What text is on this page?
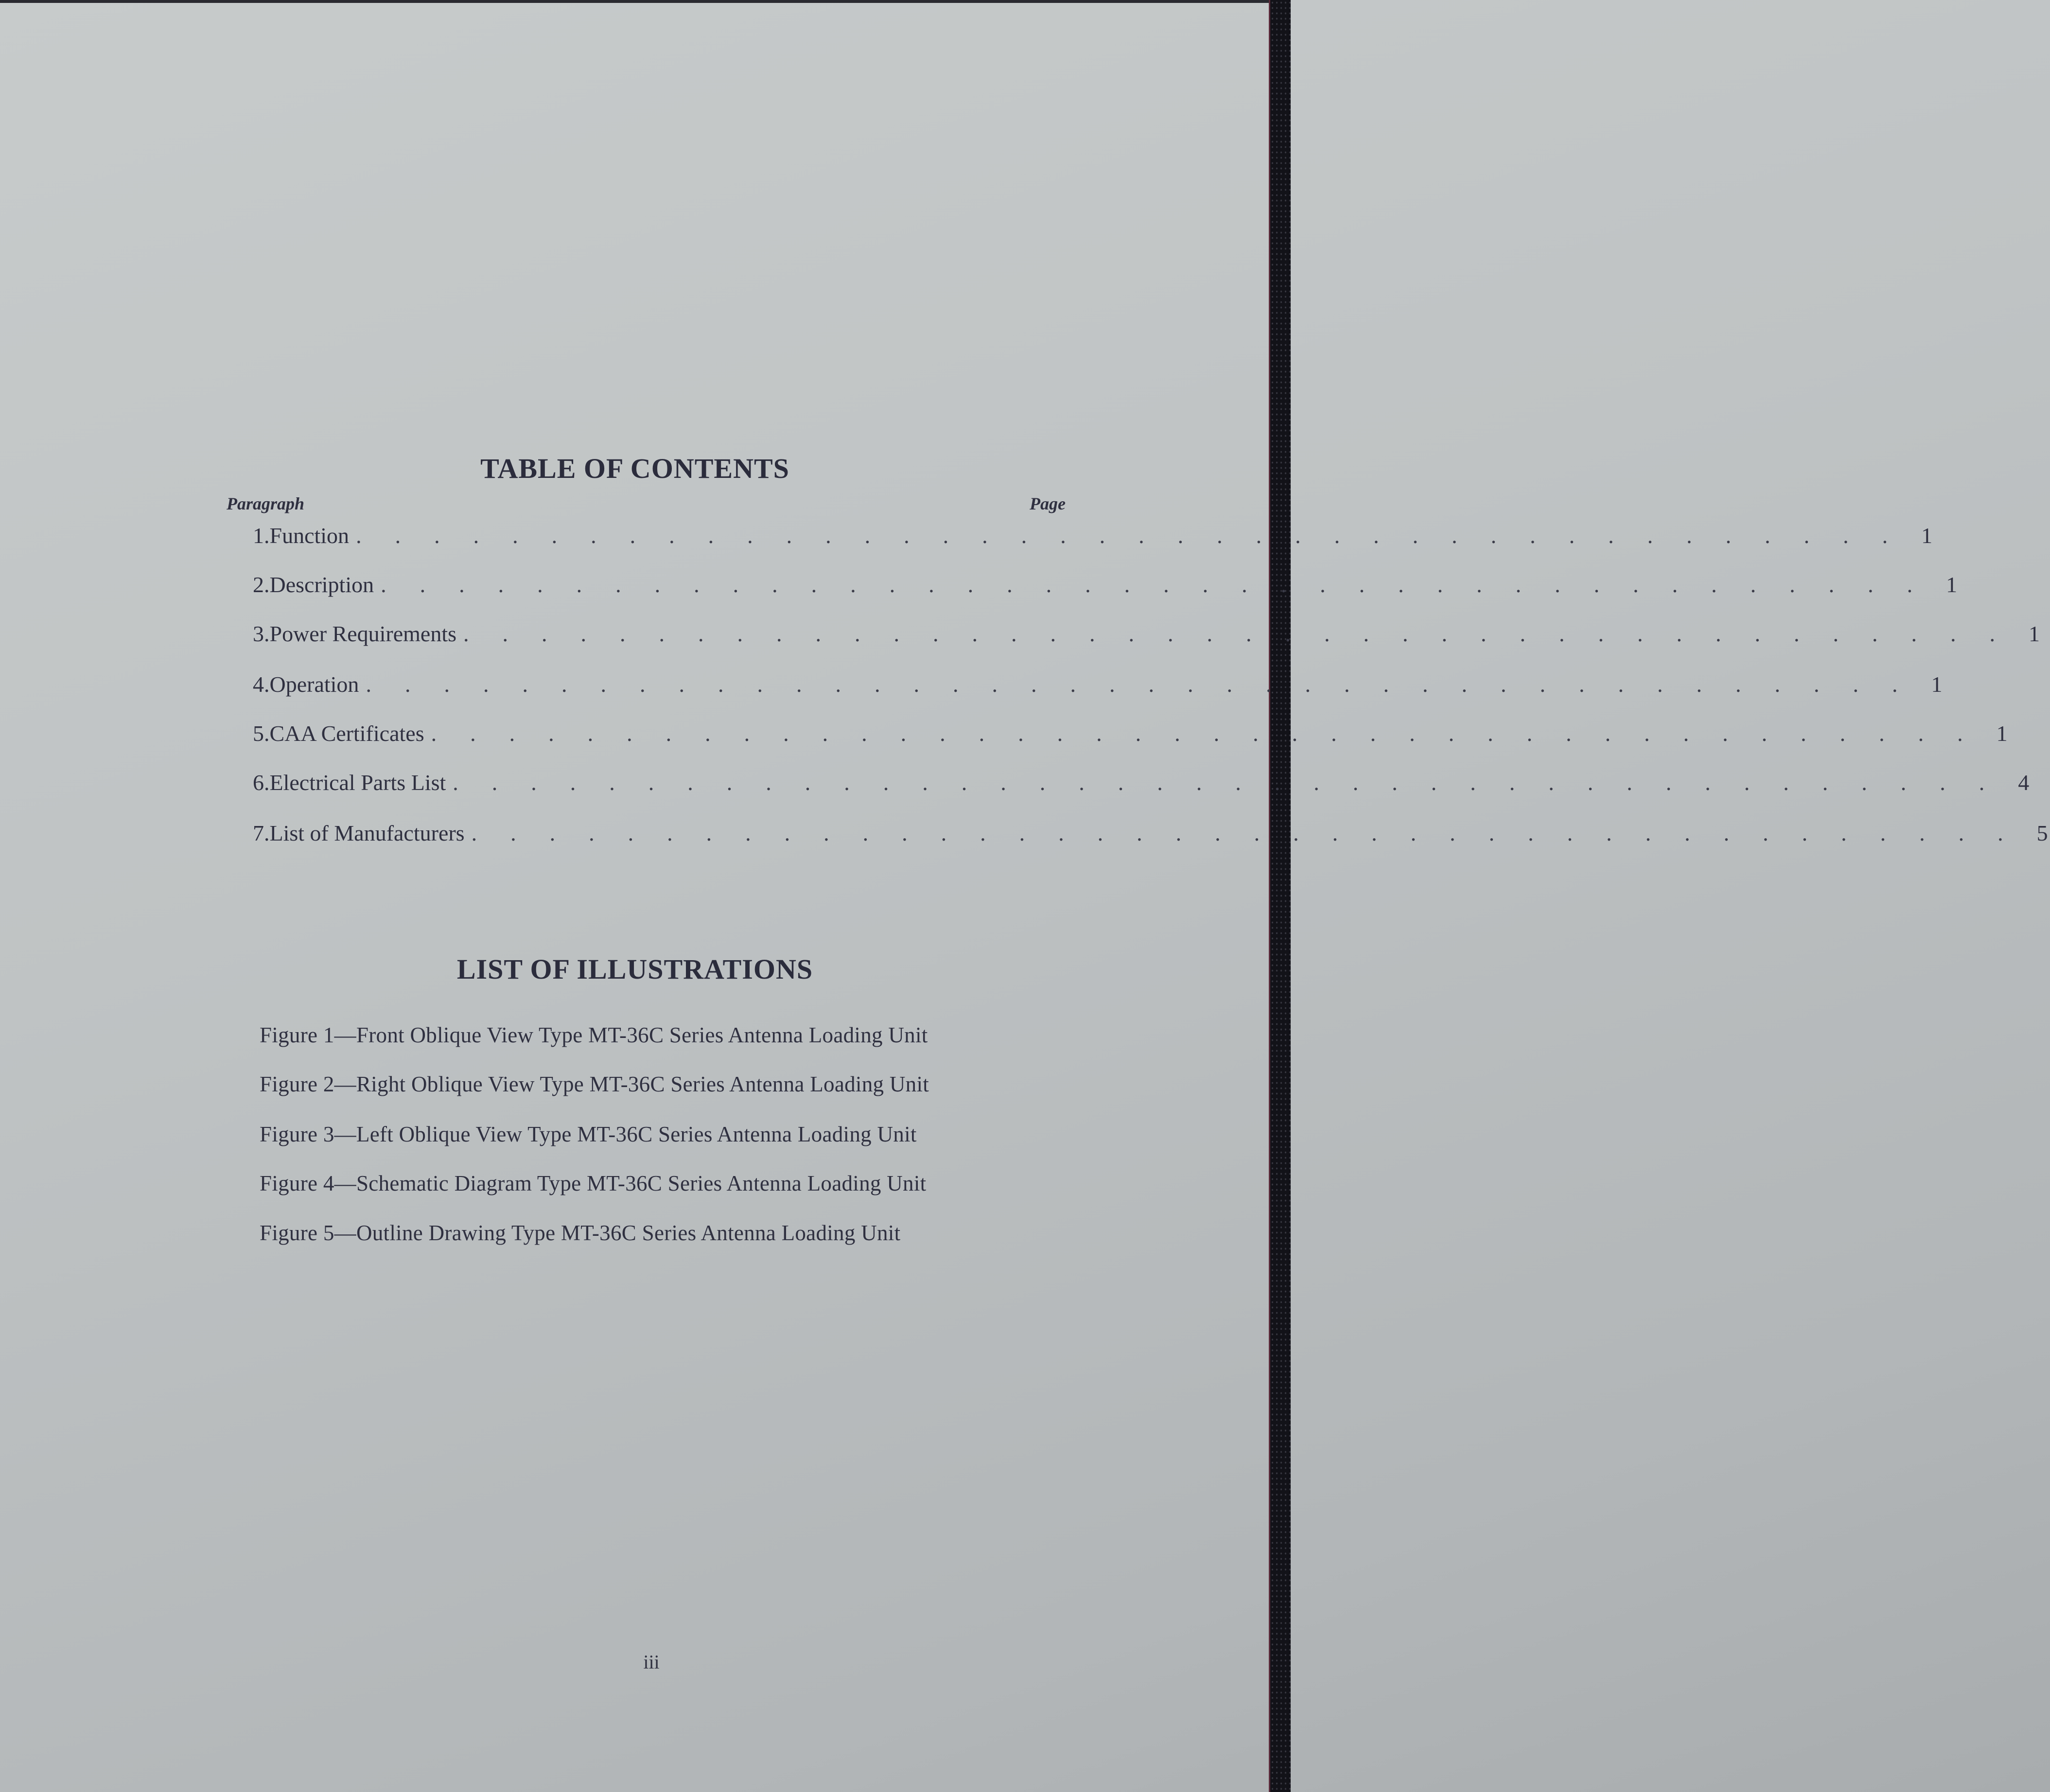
TABLE OF CONTENTS
Paragraph	Page
1. Function .  .  .  .  .  .  .  .  .  .  .  .  .  .  .  .  .  .  .  .  .  .  .  .  .  .  .  .  .  .  .  .  .  .  .  .  .  .  .  .   1
2. Description .  .  .  .  .  .  .  .  .  .  .  .  .  .  .  .  .  .  .  .  .  .  .  .  .  .  .  .  .  .  .  .  .  .  .  .  .  .  .  .   1
3. Power Requirements .  .  .  .  .  .  .  .  .  .  .  .  .  .  .  .  .  .  .  .  .  .  .  .  .  .  .  .  .  .  .  .  .  .  .  .  .  .  .  .   1
4. Operation .  .  .  .  .  .  .  .  .  .  .  .  .  .  .  .  .  .  .  .  .  .  .  .  .  .  .  .  .  .  .  .  .  .  .  .  .  .  .  .   1
5. CAA Certificates .  .  .  .  .  .  .  .  .  .  .  .  .  .  .  .  .  .  .  .  .  .  .  .  .  .  .  .  .  .  .  .  .  .  .  .  .  .  .  .   1
6. Electrical Parts List .  .  .  .  .  .  .  .  .  .  .  .  .  .  .  .  .  .  .  .  .  .  .  .  .  .  .  .  .  .  .  .  .  .  .  .  .  .  .  .   4
7. List of Manufacturers .  .  .  .  .  .  .  .  .  .  .  .  .  .  .  .  .  .  .  .  .  .  .  .  .  .  .  .  .  .  .  .  .  .  .  .  .  .  .  .   5
LIST OF ILLUSTRATIONS
Figure 1—Front Oblique View Type MT-36C Series Antenna Loading Unit
Figure 2—Right Oblique View Type MT-36C Series Antenna Loading Unit
Figure 3—Left Oblique View Type MT-36C Series Antenna Loading Unit
Figure 4—Schematic Diagram Type MT-36C Series Antenna Loading Unit
Figure 5—Outline Drawing Type MT-36C Series Antenna Loading Unit
iii
